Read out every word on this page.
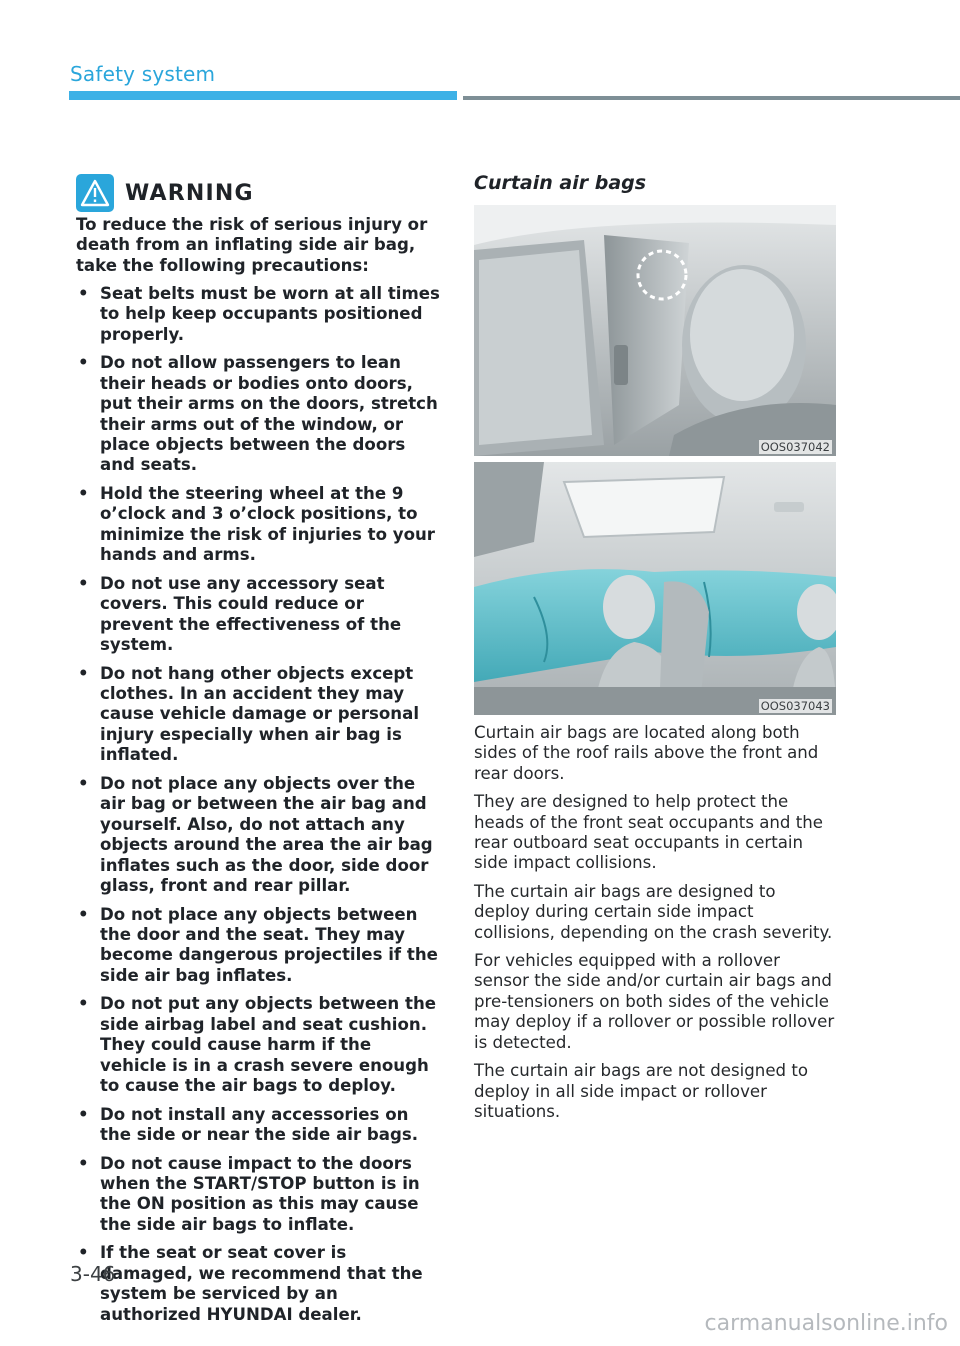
Safety system
WARNING

To reduce the risk of serious injury or death from an inflating side air bag, take the following precautions:

• Seat belts must be worn at all times to help keep occupants positioned properly.
• Do not allow passengers to lean their heads or bodies onto doors, put their arms on the doors, stretch their arms out of the window, or place objects between the doors and seats.
• Hold the steering wheel at the 9 o’clock and 3 o’clock positions, to minimize the risk of injuries to your hands and arms.
• Do not use any accessory seat covers. This could reduce or prevent the effectiveness of the system.
• Do not hang other objects except clothes. In an accident they may cause vehicle damage or personal injury especially when air bag is inflated.
• Do not place any objects over the air bag or between the air bag and yourself. Also, do not attach any objects around the area the air bag inflates such as the door, side door glass, front and rear pillar.
• Do not place any objects between the door and the seat. They may become dangerous projectiles if the side air bag inflates.
• Do not put any objects between the side airbag label and seat cushion. They could cause harm if the vehicle is in a crash severe enough to cause the air bags to deploy.
• Do not install any accessories on the side or near the side air bags.
• Do not cause impact to the doors when the START/STOP button is in the ON position as this may cause the side air bags to inflate.
• If the seat or seat cover is damaged, we recommend that the system be serviced by an authorized HYUNDAI dealer.
Curtain air bags
OOS037042
OOS037043

Curtain air bags are located along both sides of the roof rails above the front and rear doors.

They are designed to help protect the heads of the front seat occupants and the rear outboard seat occupants in certain side impact collisions.

The curtain air bags are designed to deploy during certain side impact collisions, depending on the crash severity.

For vehicles equipped with a rollover sensor the side and/or curtain air bags and pre-tensioners on both sides of the vehicle may deploy if a rollover or possible rollover is detected.

The curtain air bags are not designed to deploy in all side impact or rollover situations.

3-46
carmanualsonline.info
